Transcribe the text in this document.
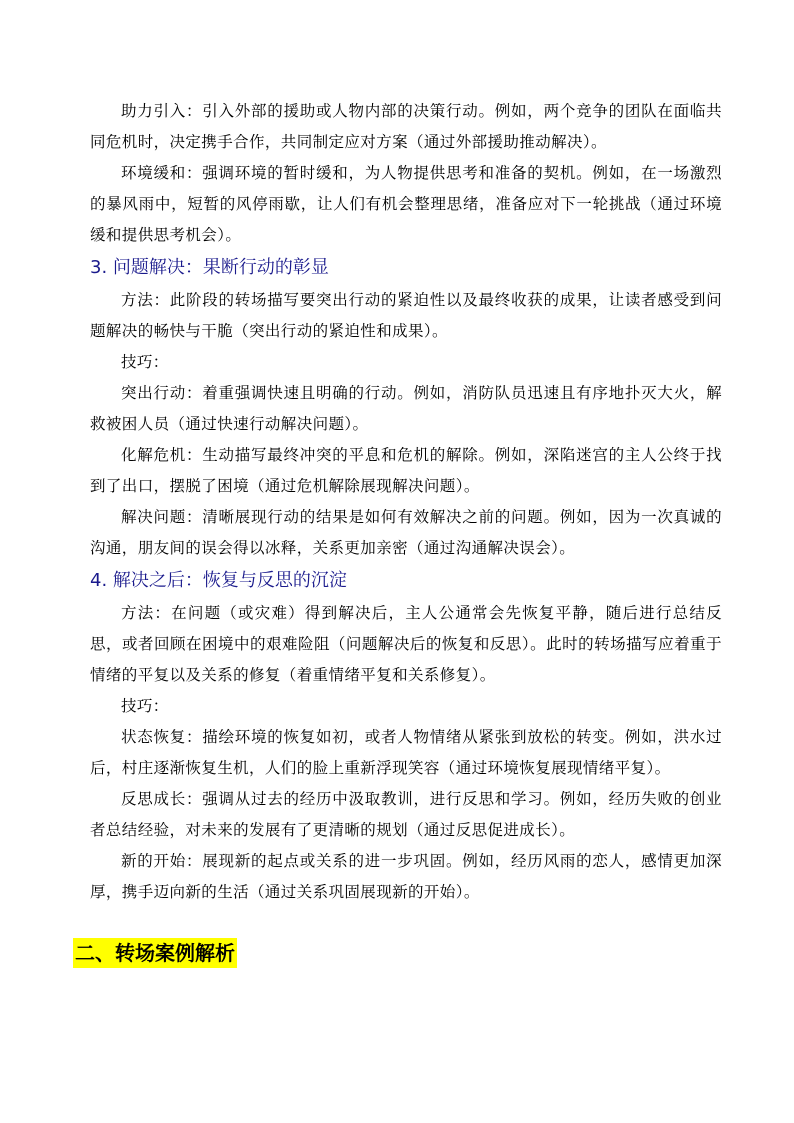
助力引入：引入外部的援助或人物内部的决策行动。例如，两个竞争的团队在面临共同危机时，决定携手合作，共同制定应对方案（通过外部援助推动解决）。

环境缓和：强调环境的暂时缓和，为人物提供思考和准备的契机。例如，在一场激烈的暴风雨中，短暂的风停雨歇，让人们有机会整理思绪，准备应对下一轮挑战（通过环境缓和提供思考机会）。

3. 问题解决：果断行动的彰显

方法：此阶段的转场描写要突出行动的紧迫性以及最终收获的成果，让读者感受到问题解决的畅快与干脆（突出行动的紧迫性和成果）。

技巧：

突出行动：着重强调快速且明确的行动。例如，消防队员迅速且有序地扑灭大火，解救被困人员（通过快速行动解决问题）。

化解危机：生动描写最终冲突的平息和危机的解除。例如，深陷迷宫的主人公终于找到了出口，摆脱了困境（通过危机解除展现解决问题）。

解决问题：清晰展现行动的结果是如何有效解决之前的问题。例如，因为一次真诚的沟通，朋友间的误会得以冰释，关系更加亲密（通过沟通解决误会）。

4. 解决之后：恢复与反思的沉淀

方法：在问题（或灾难）得到解决后，主人公通常会先恢复平静，随后进行总结反思，或者回顾在困境中的艰难险阻（问题解决后的恢复和反思）。此时的转场描写应着重于情绪的平复以及关系的修复（着重情绪平复和关系修复）。

技巧：

状态恢复：描绘环境的恢复如初，或者人物情绪从紧张到放松的转变。例如，洪水过后，村庄逐渐恢复生机，人们的脸上重新浮现笑容（通过环境恢复展现情绪平复）。

反思成长：强调从过去的经历中汲取教训，进行反思和学习。例如，经历失败的创业者总结经验，对未来的发展有了更清晰的规划（通过反思促进成长）。

新的开始：展现新的起点或关系的进一步巩固。例如，经历风雨的恋人，感情更加深厚，携手迈向新的生活（通过关系巩固展现新的开始）。

二、转场案例解析
